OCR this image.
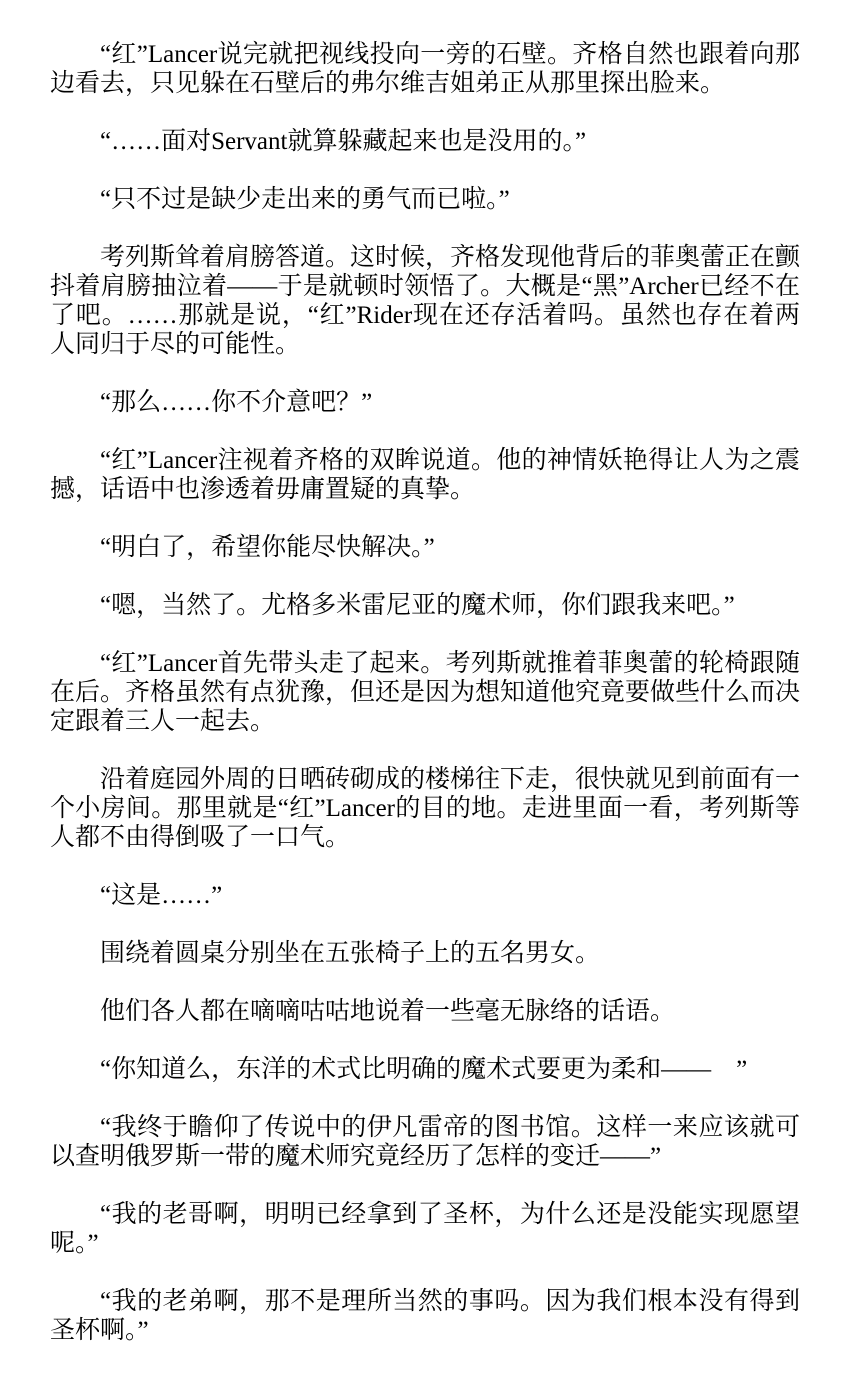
“红”Lancer说完就把视线投向一旁的石壁。齐格自然也跟着向那边看去，只见躲在石壁后的弗尔维吉姐弟正从那里探出脸来。

“……面对Servant就算躲藏起来也是没用的。”

“只不过是缺少走出来的勇气而已啦。”

考列斯耸着肩膀答道。这时候，齐格发现他背后的菲奥蕾正在颤抖着肩膀抽泣着——于是就顿时领悟了。大概是“黑”Archer已经不在了吧。……那就是说，“红”Rider现在还存活着吗。虽然也存在着两人同归于尽的可能性。

“那么……你不介意吧？”

“红”Lancer注视着齐格的双眸说道。他的神情妖艳得让人为之震撼，话语中也渗透着毋庸置疑的真挚。

“明白了，希望你能尽快解决。”

“嗯，当然了。尤格多米雷尼亚的魔术师，你们跟我来吧。”

“红”Lancer首先带头走了起来。考列斯就推着菲奥蕾的轮椅跟随在后。齐格虽然有点犹豫，但还是因为想知道他究竟要做些什么而决定跟着三人一起去。

沿着庭园外周的日晒砖砌成的楼梯往下走，很快就见到前面有一个小房间。那里就是“红”Lancer的目的地。走进里面一看，考列斯等人都不由得倒吸了一口气。

“这是……”

围绕着圆桌分别坐在五张椅子上的五名男女。

他们各人都在嘀嘀咕咕地说着一些毫无脉络的话语。

“你知道么，东洋的术式比明确的魔术式要更为柔和——　”

“我终于瞻仰了传说中的伊凡雷帝的图书馆。这样一来应该就可以查明俄罗斯一带的魔术师究竟经历了怎样的变迁——”

“我的老哥啊，明明已经拿到了圣杯，为什么还是没能实现愿望呢。”

“我的老弟啊，那不是理所当然的事吗。因为我们根本没有得到圣杯啊。”
